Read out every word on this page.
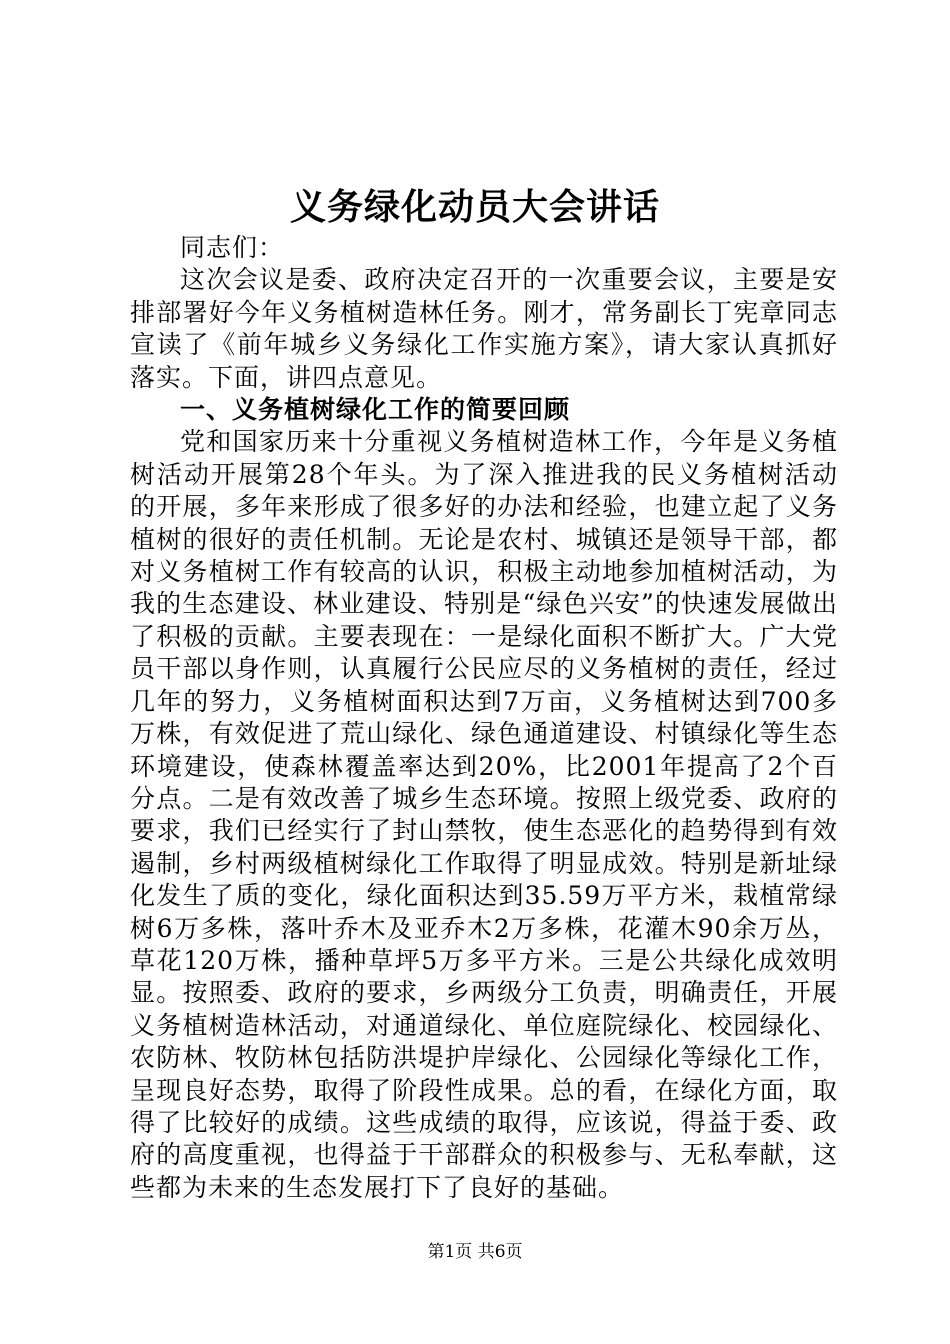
义务绿化动员大会讲话

同志们：

这次会议是委、政府决定召开的一次重要会议，主要是安排部署好今年义务植树造林任务。刚才，常务副长丁宪章同志宣读了《前年城乡义务绿化工作实施方案》，请大家认真抓好落实。下面，讲四点意见。

一、义务植树绿化工作的简要回顾

党和国家历来十分重视义务植树造林工作，今年是义务植树活动开展第28个年头。为了深入推进我的民义务植树活动的开展，多年来形成了很多好的办法和经验，也建立起了义务植树的很好的责任机制。无论是农村、城镇还是领导干部，都对义务植树工作有较高的认识，积极主动地参加植树活动，为我的生态建设、林业建设、特别是“绿色兴安”的快速发展做出了积极的贡献。主要表现在：一是绿化面积不断扩大。广大党员干部以身作则，认真履行公民应尽的义务植树的责任，经过几年的努力，义务植树面积达到7万亩，义务植树达到700多万株，有效促进了荒山绿化、绿色通道建设、村镇绿化等生态环境建设，使森林覆盖率达到20%，比2001年提高了2个百分点。二是有效改善了城乡生态环境。按照上级党委、政府的要求，我们已经实行了封山禁牧，使生态恶化的趋势得到有效遏制，乡村两级植树绿化工作取得了明显成效。特别是新址绿化发生了质的变化，绿化面积达到35.59万平方米，栽植常绿树6万多株，落叶乔木及亚乔木2万多株，花灌木90余万丛，草花120万株，播种草坪5万多平方米。三是公共绿化成效明显。按照委、政府的要求，乡两级分工负责，明确责任，开展义务植树造林活动，对通道绿化、单位庭院绿化、校园绿化、农防林、牧防林包括防洪堤护岸绿化、公园绿化等绿化工作，呈现良好态势，取得了阶段性成果。总的看，在绿化方面，取得了比较好的成绩。这些成绩的取得，应该说，得益于委、政府的高度重视，也得益于干部群众的积极参与、无私奉献，这些都为未来的生态发展打下了良好的基础。

第1页 共6页
